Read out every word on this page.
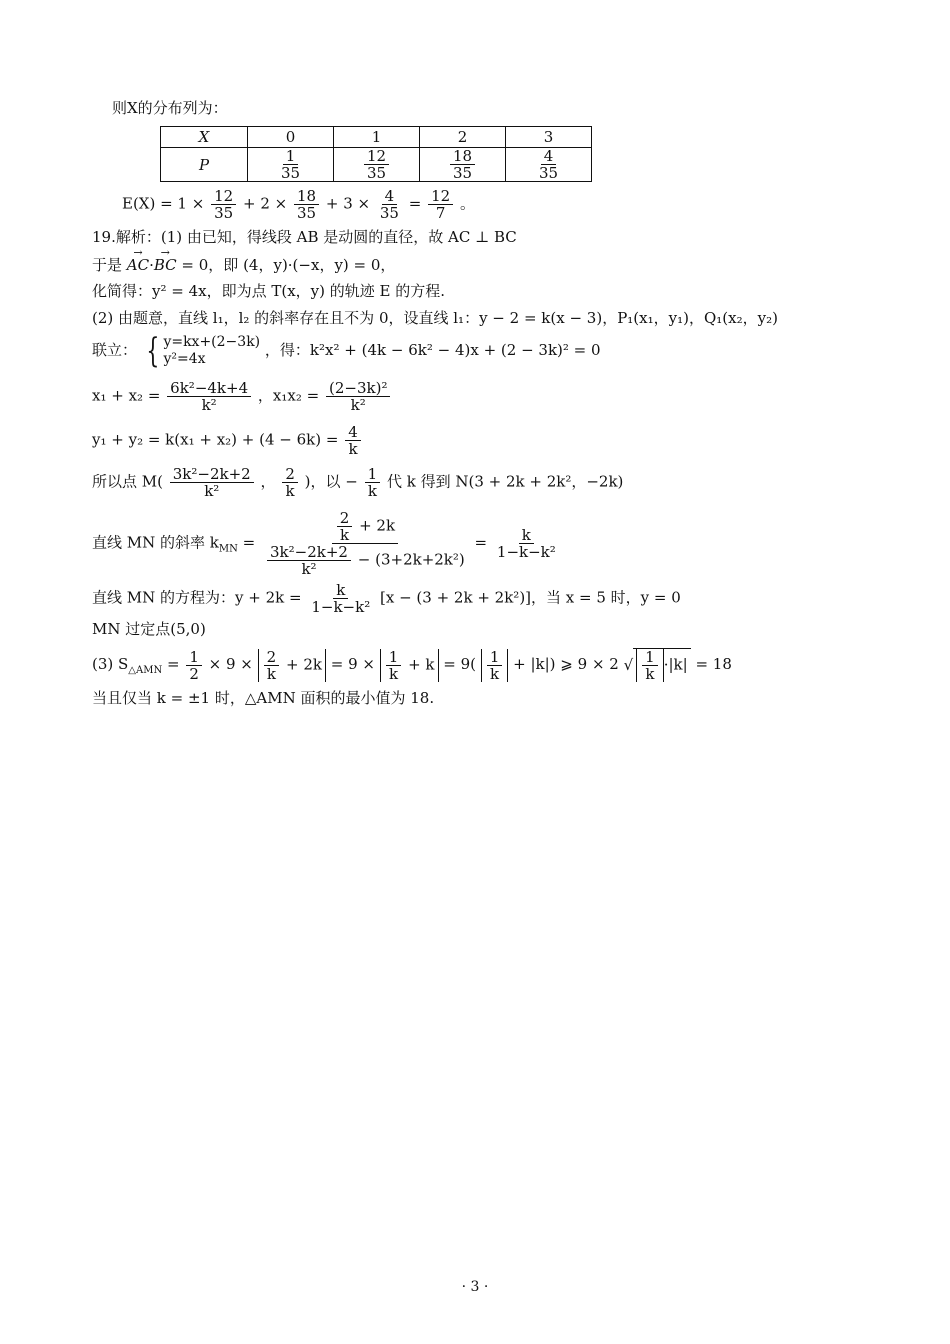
则X的分布列为：
X	0	1	2	3
P	$\frac{1}{35}$	$\frac{12}{35}$	$\frac{18}{35}$	$\frac{4}{35}$
$E(X) = 1 \times \frac{12}{35} + 2 \times \frac{18}{35} + 3 \times \frac{4}{35} = \frac{12}{7}$ 。
19.解析：(1) 由已知，得线段 AB 是动圆的直径，故 AC ⊥ BC
于是 → AC·→ BC = 0，即 (4，y)·(−x，y) = 0，
化简得：y² = 4x，即为点 T(x，y) 的轨迹 E 的方程.
(2) 由题意，直线 l₁，l₂ 的斜率存在且不为 0，设直线 l₁：y − 2 = k(x − 3)，P₁(x₁，y₁)，Q₁(x₂，y₂)
联立： { y=kx+(2−3k)
y²=4x	，得：k²x² + (4k − 6k² − 4)x + (2 − 3k)² = 0
$x_1 + x_2 = \frac{\text{6k²−4k+4}}{\text{k²}}$ ，$x_1x_2 = \frac{\text{(2−3k)²}}{\text{k²}}$
$y_1 + y_2 = k(x_1 + x_2) + (4 - 6k) = \frac{4}{k}$
所以点 $M( \frac{\text{3k²−2k+2}}{\text{k²}}$ ， $\frac{2}{k}$ )，以 − $\frac{1}{k}$ 代 k 得到 N(3 + 2k + 2k²，−2k)
直线 MN 的斜率 $k_{MN} = \frac{\frac{2}{k} + 2k}{\frac{\text{3k²−2k+2}}{\text{k²}} - (3+2k+2k^2)} = \frac{k}{\text{1−k−k²}}$
直线 MN 的方程为：$y + 2k = \frac{k}{\text{1−k−k²}} [x - (3 + 2k + 2k^2)]$，当 x = 5 时，y = 0
MN 过定点(5,0)
(3) $S_{\triangle AMN} = \frac{1}{2} \times 9 \times \frac{2}{k} + 2k = 9 \times \frac{1}{k} + k = 9( \frac{1}{k} + |k|)$ ⩾ 9 × 2 √ $\frac{1}{k} \cdot|k| = 18$
当且仅当 k = ±1 时，△AMN 面积的最小值为 18.
· 3 ·
